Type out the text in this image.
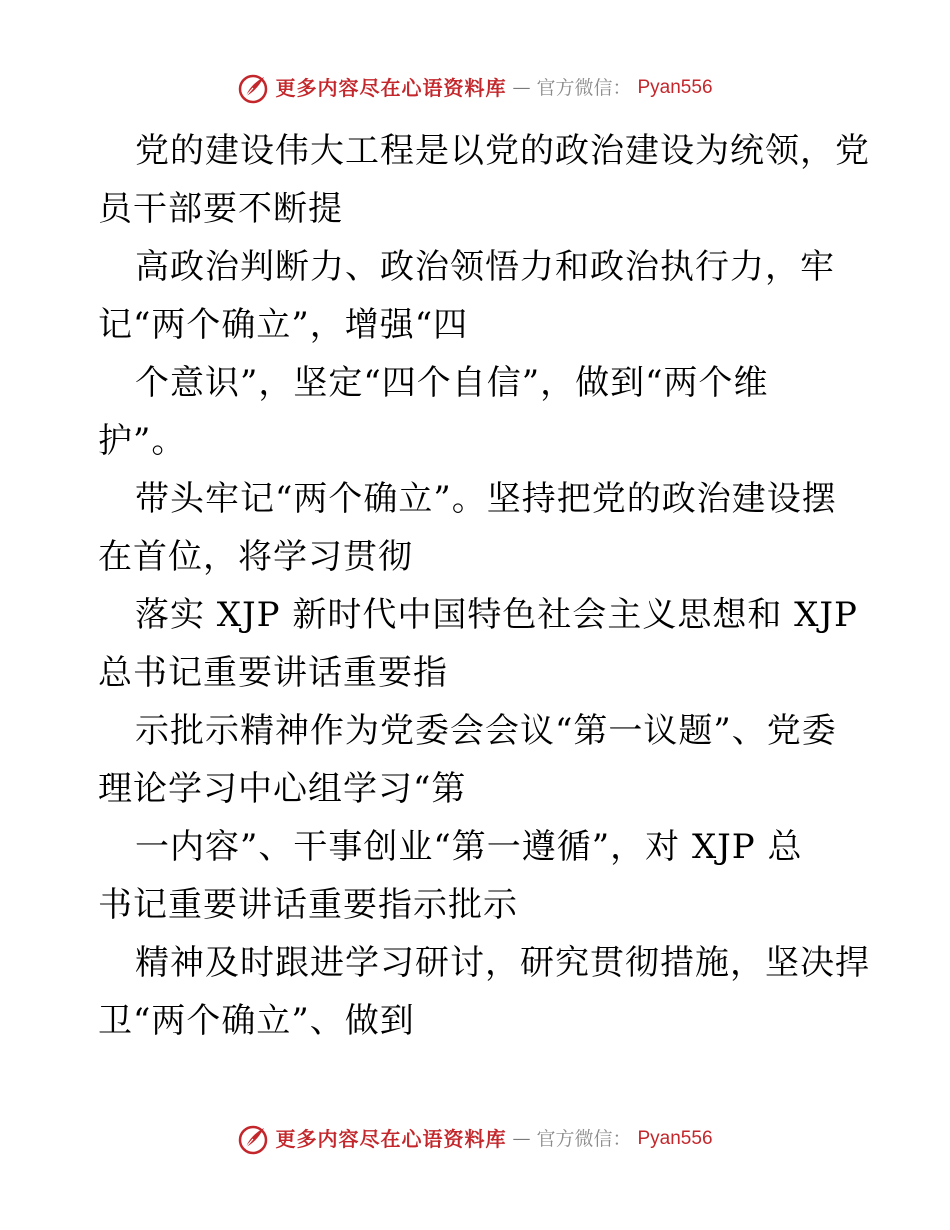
更多内容尽在心语资料库 — 官方微信： Pyan556

党的建设伟大工程是以党的政治建设为统领，党

员干部要不断提

高政治判断力、政治领悟力和政治执行力，牢

记“两个确立”，增强“四

个意识”，坚定“四个自信”，做到“两个维

护”。

带头牢记“两个确立”。坚持把党的政治建设摆

在首位，将学习贯彻

落实 XJP 新时代中国特色社会主义思想和 XJP

总书记重要讲话重要指

示批示精神作为党委会会议“第一议题”、党委

理论学习中心组学习“第

一内容”、干事创业“第一遵循”，对 XJP 总

书记重要讲话重要指示批示

精神及时跟进学习研讨，研究贯彻措施，坚决捍

卫“两个确立”、做到

更多内容尽在心语资料库 — 官方微信： Pyan556
